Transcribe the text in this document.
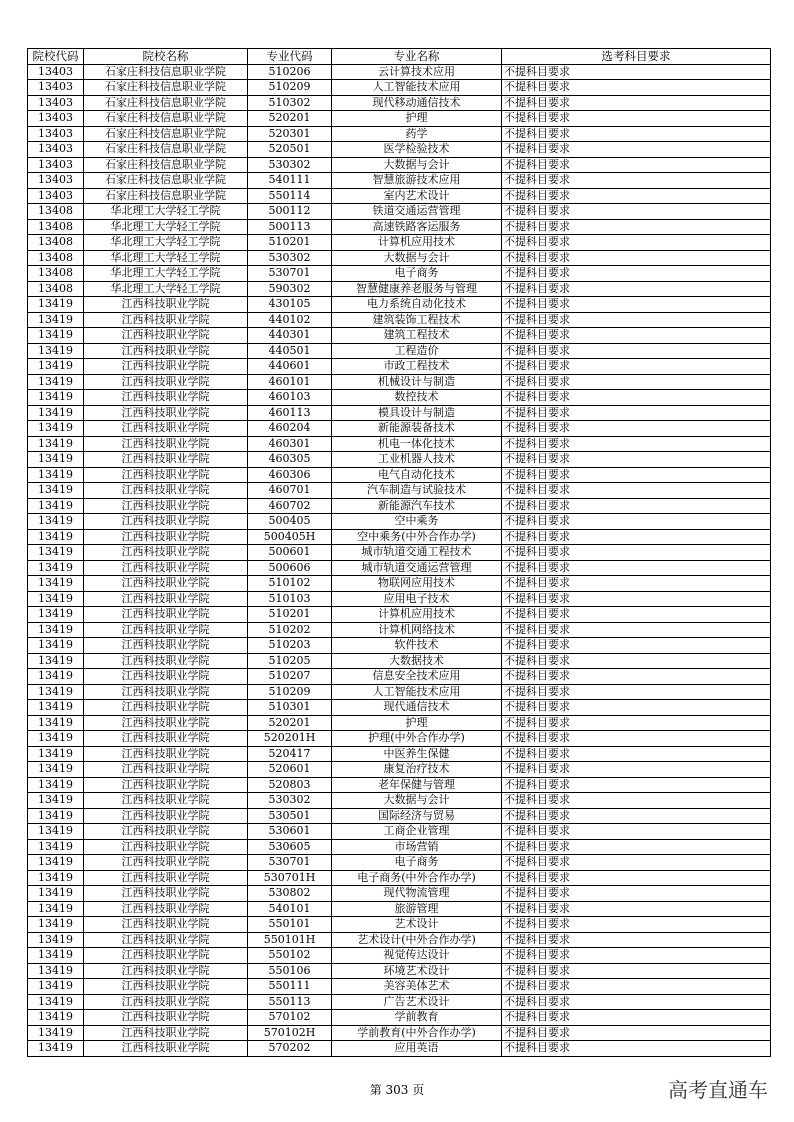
院校代码	院校名称	专业代码	专业名称	选考科目要求
13403	石家庄科技信息职业学院	510206	云计算技术应用	不提科目要求
13403	石家庄科技信息职业学院	510209	人工智能技术应用	不提科目要求
13403	石家庄科技信息职业学院	510302	现代移动通信技术	不提科目要求
13403	石家庄科技信息职业学院	520201	护理	不提科目要求
13403	石家庄科技信息职业学院	520301	药学	不提科目要求
13403	石家庄科技信息职业学院	520501	医学检验技术	不提科目要求
13403	石家庄科技信息职业学院	530302	大数据与会计	不提科目要求
13403	石家庄科技信息职业学院	540111	智慧旅游技术应用	不提科目要求
13403	石家庄科技信息职业学院	550114	室内艺术设计	不提科目要求
13408	华北理工大学轻工学院	500112	铁道交通运营管理	不提科目要求
13408	华北理工大学轻工学院	500113	高速铁路客运服务	不提科目要求
13408	华北理工大学轻工学院	510201	计算机应用技术	不提科目要求
13408	华北理工大学轻工学院	530302	大数据与会计	不提科目要求
13408	华北理工大学轻工学院	530701	电子商务	不提科目要求
13408	华北理工大学轻工学院	590302	智慧健康养老服务与管理	不提科目要求
13419	江西科技职业学院	430105	电力系统自动化技术	不提科目要求
13419	江西科技职业学院	440102	建筑装饰工程技术	不提科目要求
13419	江西科技职业学院	440301	建筑工程技术	不提科目要求
13419	江西科技职业学院	440501	工程造价	不提科目要求
13419	江西科技职业学院	440601	市政工程技术	不提科目要求
13419	江西科技职业学院	460101	机械设计与制造	不提科目要求
13419	江西科技职业学院	460103	数控技术	不提科目要求
13419	江西科技职业学院	460113	模具设计与制造	不提科目要求
13419	江西科技职业学院	460204	新能源装备技术	不提科目要求
13419	江西科技职业学院	460301	机电一体化技术	不提科目要求
13419	江西科技职业学院	460305	工业机器人技术	不提科目要求
13419	江西科技职业学院	460306	电气自动化技术	不提科目要求
13419	江西科技职业学院	460701	汽车制造与试验技术	不提科目要求
13419	江西科技职业学院	460702	新能源汽车技术	不提科目要求
13419	江西科技职业学院	500405	空中乘务	不提科目要求
13419	江西科技职业学院	500405H	空中乘务(中外合作办学)	不提科目要求
13419	江西科技职业学院	500601	城市轨道交通工程技术	不提科目要求
13419	江西科技职业学院	500606	城市轨道交通运营管理	不提科目要求
13419	江西科技职业学院	510102	物联网应用技术	不提科目要求
13419	江西科技职业学院	510103	应用电子技术	不提科目要求
13419	江西科技职业学院	510201	计算机应用技术	不提科目要求
13419	江西科技职业学院	510202	计算机网络技术	不提科目要求
13419	江西科技职业学院	510203	软件技术	不提科目要求
13419	江西科技职业学院	510205	大数据技术	不提科目要求
13419	江西科技职业学院	510207	信息安全技术应用	不提科目要求
13419	江西科技职业学院	510209	人工智能技术应用	不提科目要求
13419	江西科技职业学院	510301	现代通信技术	不提科目要求
13419	江西科技职业学院	520201	护理	不提科目要求
13419	江西科技职业学院	520201H	护理(中外合作办学)	不提科目要求
13419	江西科技职业学院	520417	中医养生保健	不提科目要求
13419	江西科技职业学院	520601	康复治疗技术	不提科目要求
13419	江西科技职业学院	520803	老年保健与管理	不提科目要求
13419	江西科技职业学院	530302	大数据与会计	不提科目要求
13419	江西科技职业学院	530501	国际经济与贸易	不提科目要求
13419	江西科技职业学院	530601	工商企业管理	不提科目要求
13419	江西科技职业学院	530605	市场营销	不提科目要求
13419	江西科技职业学院	530701	电子商务	不提科目要求
13419	江西科技职业学院	530701H	电子商务(中外合作办学)	不提科目要求
13419	江西科技职业学院	530802	现代物流管理	不提科目要求
13419	江西科技职业学院	540101	旅游管理	不提科目要求
13419	江西科技职业学院	550101	艺术设计	不提科目要求
13419	江西科技职业学院	550101H	艺术设计(中外合作办学)	不提科目要求
13419	江西科技职业学院	550102	视觉传达设计	不提科目要求
13419	江西科技职业学院	550106	环境艺术设计	不提科目要求
13419	江西科技职业学院	550111	美容美体艺术	不提科目要求
13419	江西科技职业学院	550113	广告艺术设计	不提科目要求
13419	江西科技职业学院	570102	学前教育	不提科目要求
13419	江西科技职业学院	570102H	学前教育(中外合作办学)	不提科目要求
13419	江西科技职业学院	570202	应用英语	不提科目要求
第 303 页	高考直通车
